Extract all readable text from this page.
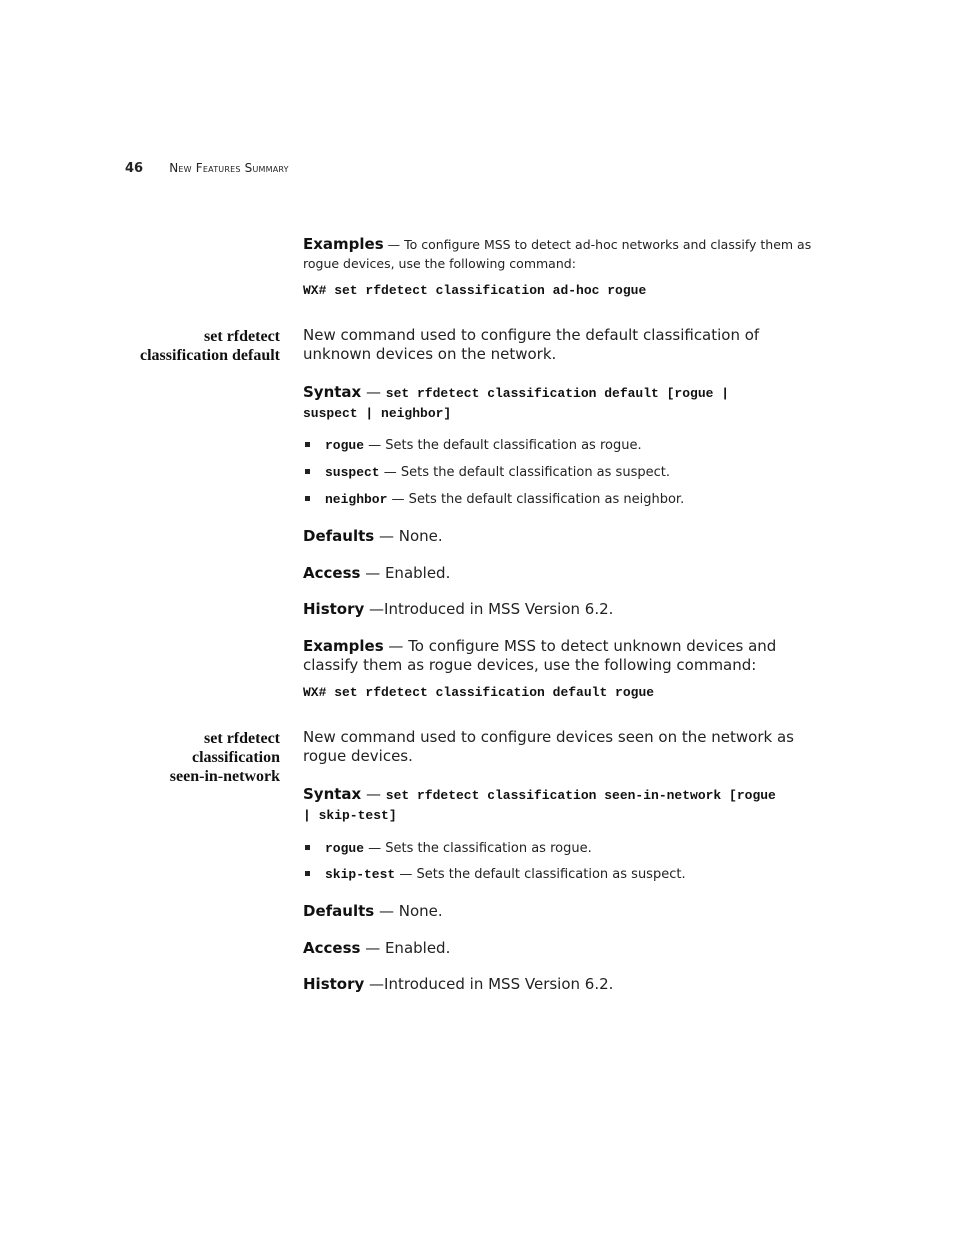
46 New Features Summary
Examples — To configure MSS to detect ad-hoc networks and classify them as rogue devices, use the following command:
WX# set rfdetect classification ad-hoc rogue
set rfdetect
classification default
New command used to configure the default classification of unknown devices on the network.
Syntax — set rfdetect classification default [rogue |
suspect | neighbor]
rogue — Sets the default classification as rogue.
suspect — Sets the default classification as suspect.
neighbor — Sets the default classification as neighbor.
Defaults — None.
Access — Enabled.
History —Introduced in MSS Version 6.2.
Examples — To configure MSS to detect unknown devices and classify them as rogue devices, use the following command:
WX# set rfdetect classification default rogue
set rfdetect
classification
seen-in-network
New command used to configure devices seen on the network as rogue devices.
Syntax — set rfdetect classification seen-in-network [rogue
| skip-test]
rogue — Sets the classification as rogue.
skip-test — Sets the default classification as suspect.
Defaults — None.
Access — Enabled.
History —Introduced in MSS Version 6.2.
